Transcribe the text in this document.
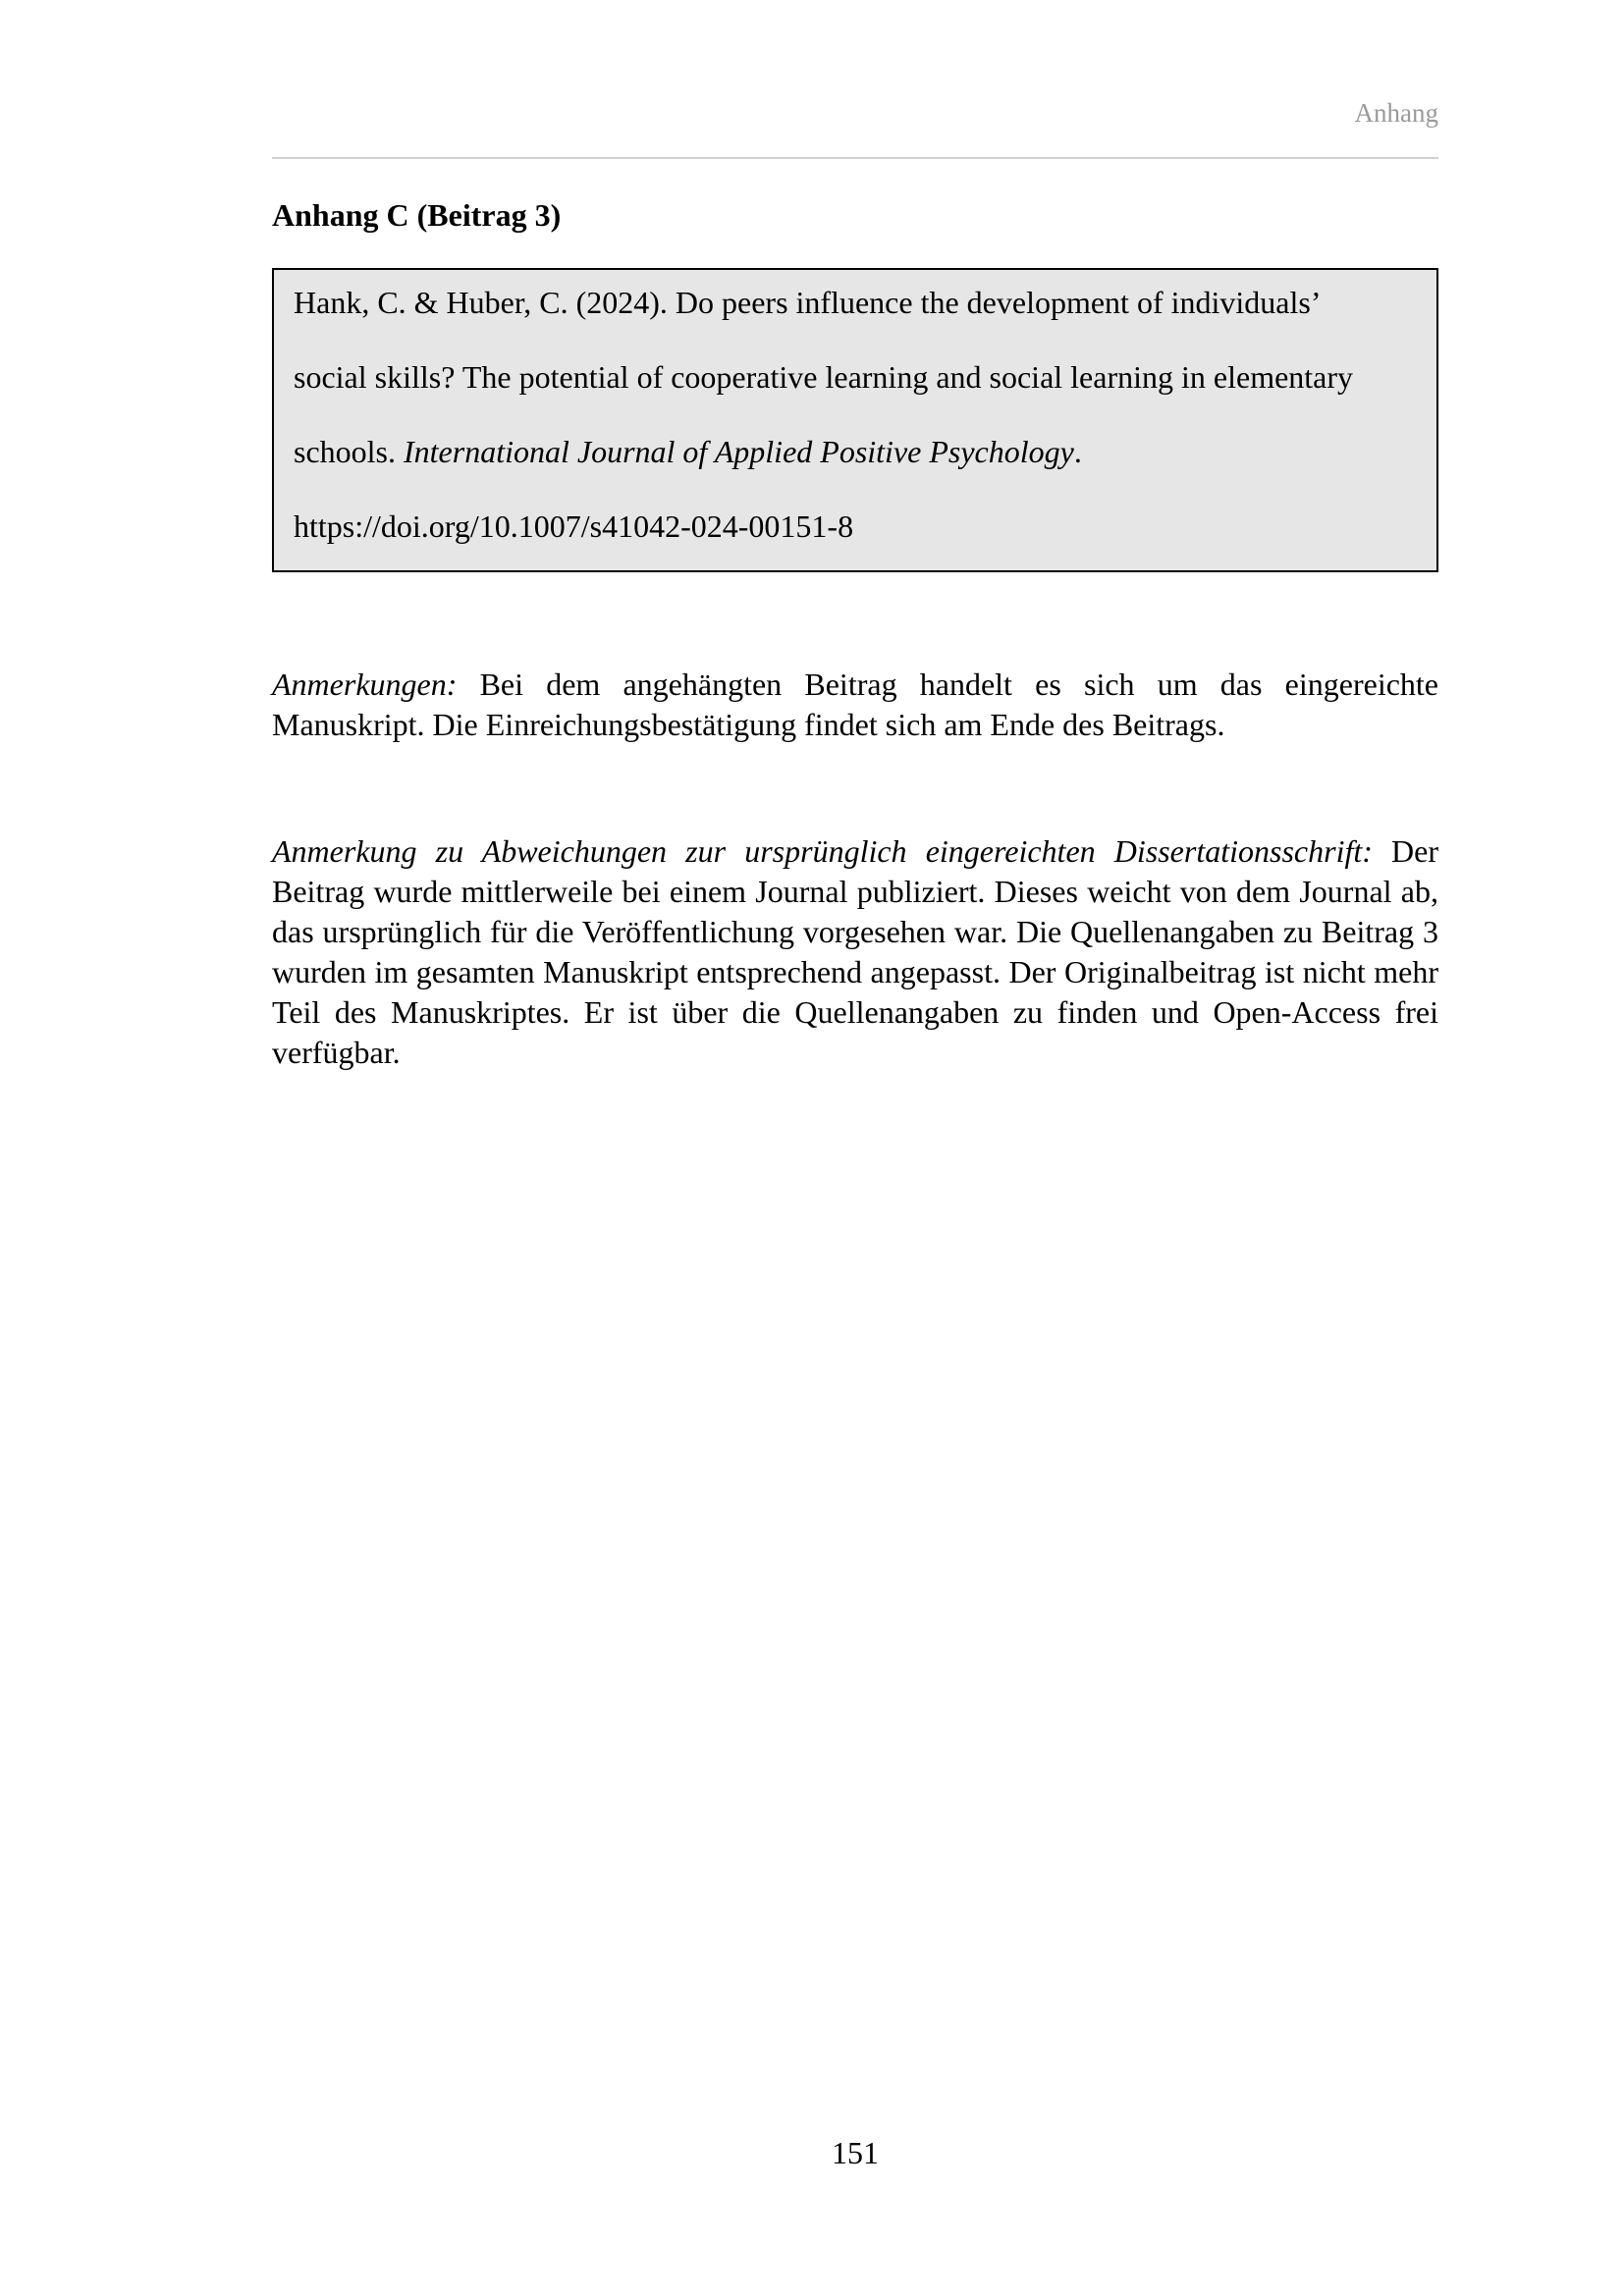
Anhang
Anhang C (Beitrag 3)
Hank, C. & Huber, C. (2024). Do peers influence the development of individuals’
social skills? The potential of cooperative learning and social learning in elementary
schools. International Journal of Applied Positive Psychology.
https://doi.org/10.1007/s41042-024-00151-8

Anmerkungen: Bei dem angehängten Beitrag handelt es sich um das eingereichte Manuskript. Die Einreichungsbestätigung findet sich am Ende des Beitrags.

Anmerkung zu Abweichungen zur ursprünglich eingereichten Dissertationsschrift: Der Beitrag wurde mittlerweile bei einem Journal publiziert. Dieses weicht von dem Journal ab, das ursprünglich für die Veröffentlichung vorgesehen war. Die Quellenangaben zu Beitrag 3 wurden im gesamten Manuskript entsprechend angepasst. Der Originalbeitrag ist nicht mehr Teil des Manuskriptes. Er ist über die Quellenangaben zu finden und Open-Access frei verfügbar.

151
